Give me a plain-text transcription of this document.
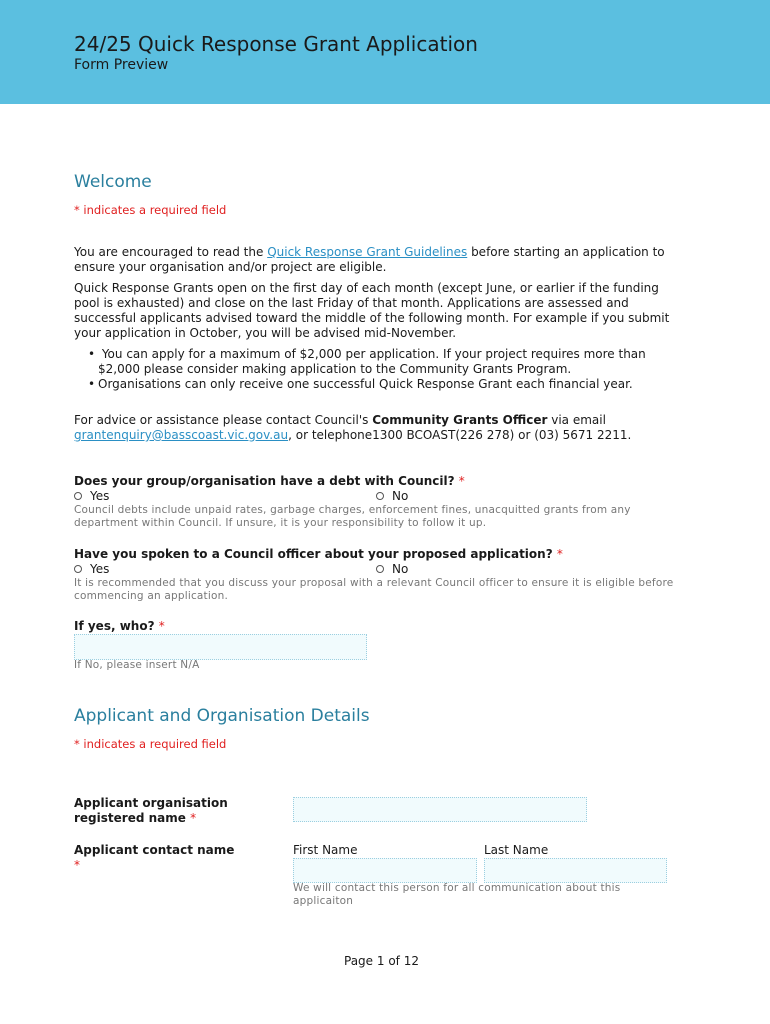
24/25 Quick Response Grant Application
Form Preview
Welcome
* indicates a required field
You are encouraged to read the Quick Response Grant Guidelines before starting an application to ensure your organisation and/or project are eligible.
Quick Response Grants open on the first day of each month (except June, or earlier if the funding pool is exhausted) and close on the last Friday of that month. Applications are assessed and successful applicants advised toward the middle of the following month. For example if you submit your application in October, you will be advised mid-November.
• You can apply for a maximum of $2,000 per application. If your project requires more than $2,000 please consider making application to the Community Grants Program.
• Organisations can only receive one successful Quick Response Grant each financial year.
For advice or assistance please contact Council's Community Grants Officer via email grantenquiry@basscoast.vic.gov.au, or telephone1300 BCOAST(226 278) or (03) 5671 2211.
Does your group/organisation have a debt with Council? *
Yes	No
Council debts include unpaid rates, garbage charges, enforcement fines, unacquitted grants from any department within Council. If unsure, it is your responsibility to follow it up.
Have you spoken to a Council officer about your proposed application? *
Yes	No
It is recommended that you discuss your proposal with a relevant Council officer to ensure it is eligible before commencing an application.
If yes, who? *
If No, please insert N/A
Applicant and Organisation Details
* indicates a required field
Applicant organisation registered name *
Applicant contact name
*
First Name	Last Name
We will contact this person for all communication about this applicaiton
Page 1 of 12
